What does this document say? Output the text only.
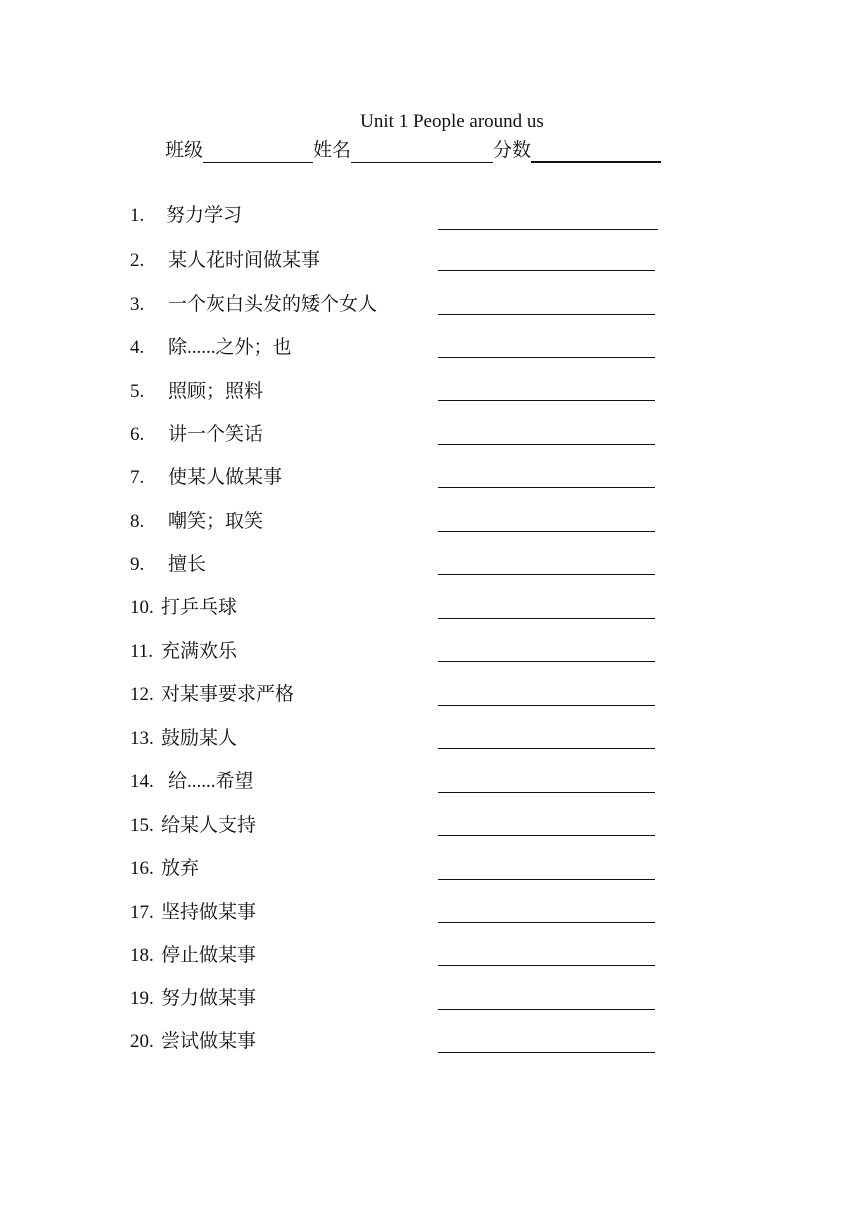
Unit 1 People around us
班级	姓名	分数
1. 努力学习
2. 某人花时间做某事
3. 一个灰白头发的矮个女人
4. 除......之外；也
5. 照顾；照料
6. 讲一个笑话
7. 使某人做某事
8. 嘲笑；取笑
9. 擅长
10. 打乒乓球
11. 充满欢乐
12. 对某事要求严格
13. 鼓励某人
14. 给......希望
15. 给某人支持
16. 放弃
17. 坚持做某事
18. 停止做某事
19. 努力做某事
20. 尝试做某事
